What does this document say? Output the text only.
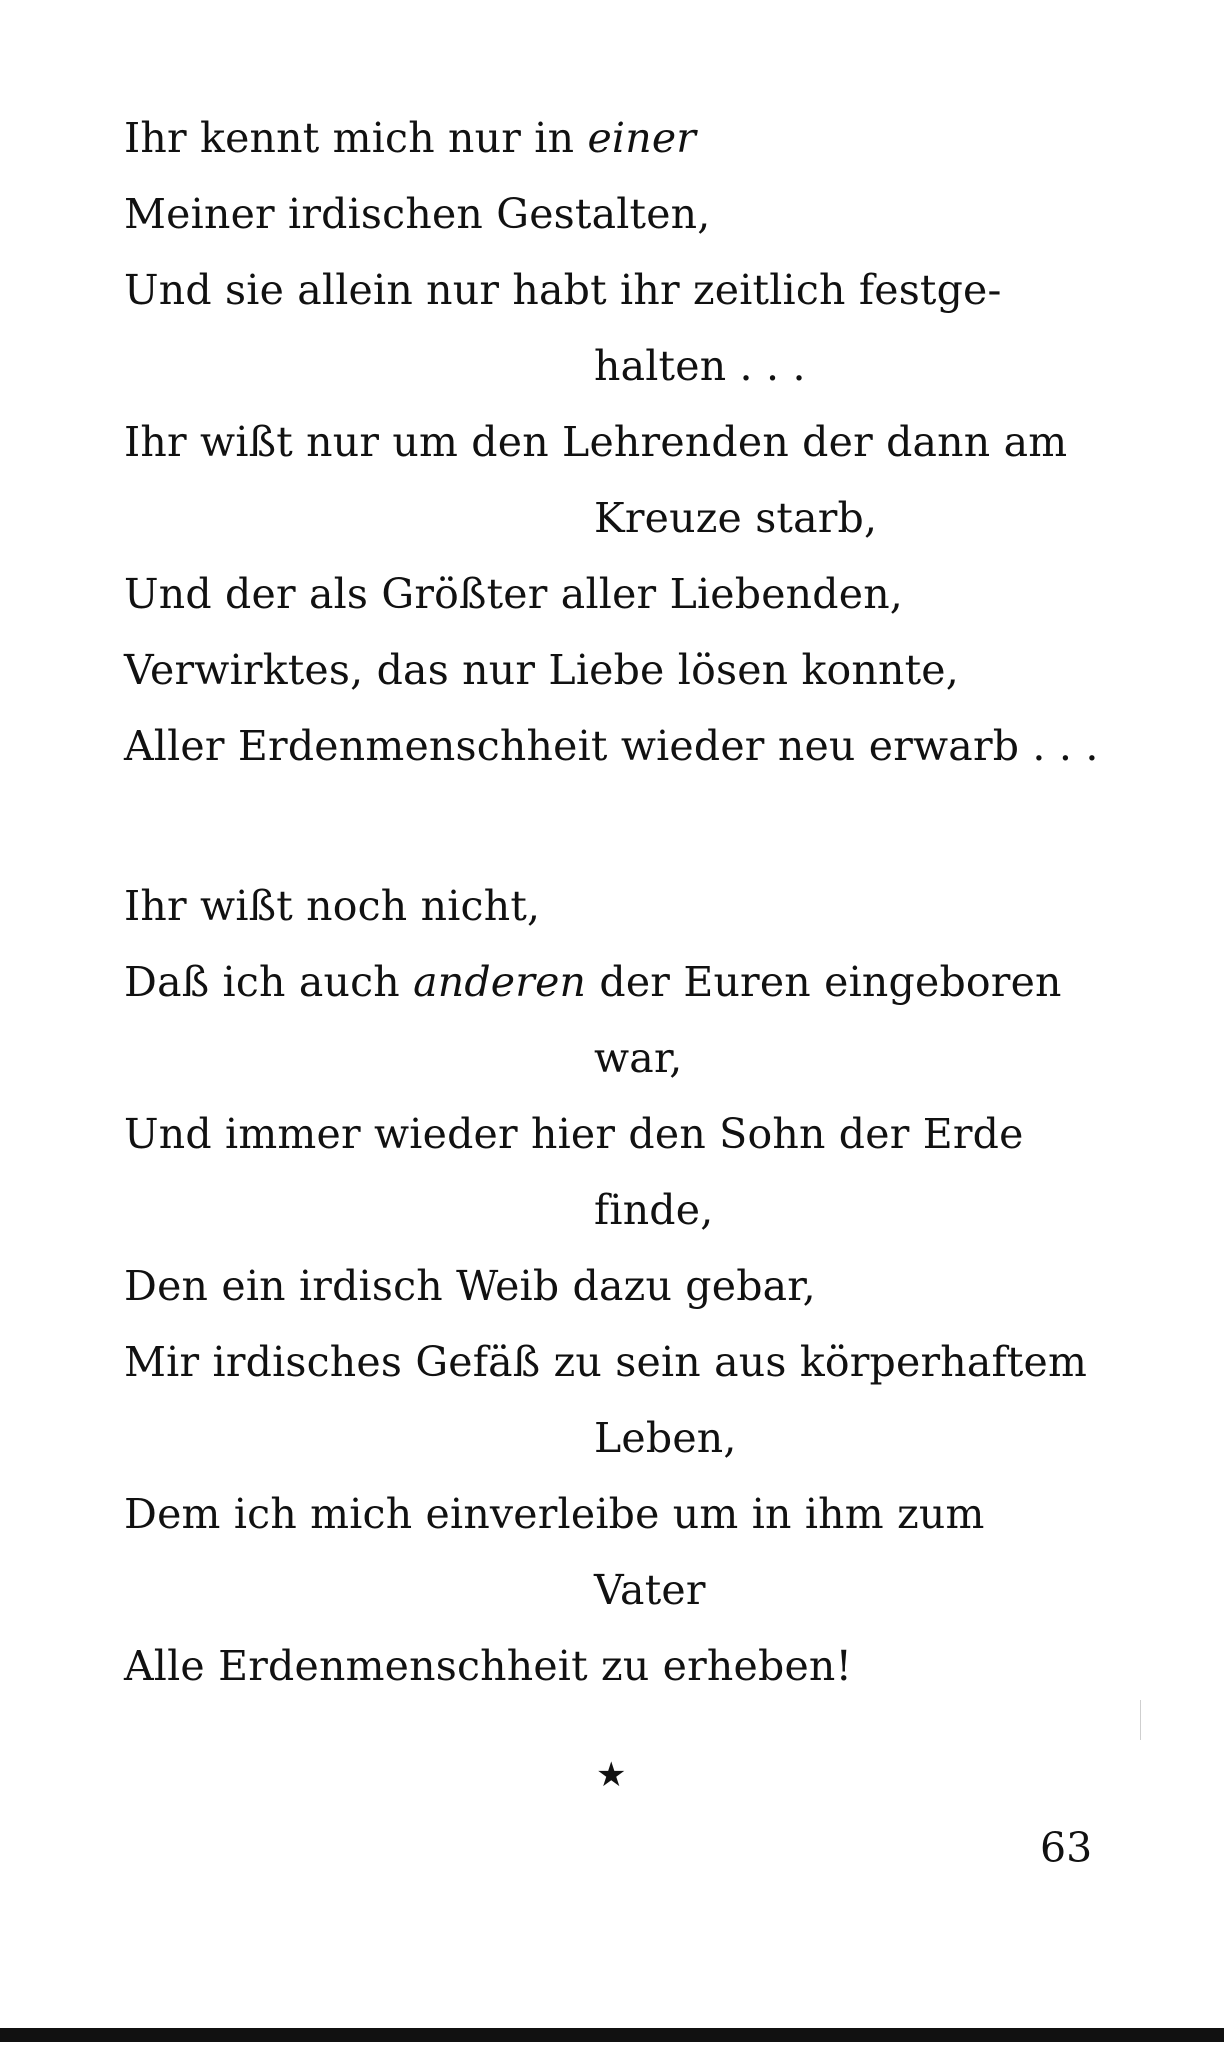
Ihr kennt mich nur in einer
Meiner irdischen Gestalten,
Und sie allein nur habt ihr zeitlich festge-
halten . . .
Ihr wißt nur um den Lehrenden der dann am
Kreuze starb,
Und der als Größter aller Liebenden,
Verwirktes, das nur Liebe lösen konnte,
Aller Erdenmenschheit wieder neu erwarb . . .
Ihr wißt noch nicht,
Daß ich auch anderen der Euren eingeboren
war,
Und immer wieder hier den Sohn der Erde
finde,
Den ein irdisch Weib dazu gebar,
Mir irdisches Gefäß zu sein aus körperhaftem
Leben,
Dem ich mich einverleibe um in ihm zum
Vater
Alle Erdenmenschheit zu erheben!
★
63
